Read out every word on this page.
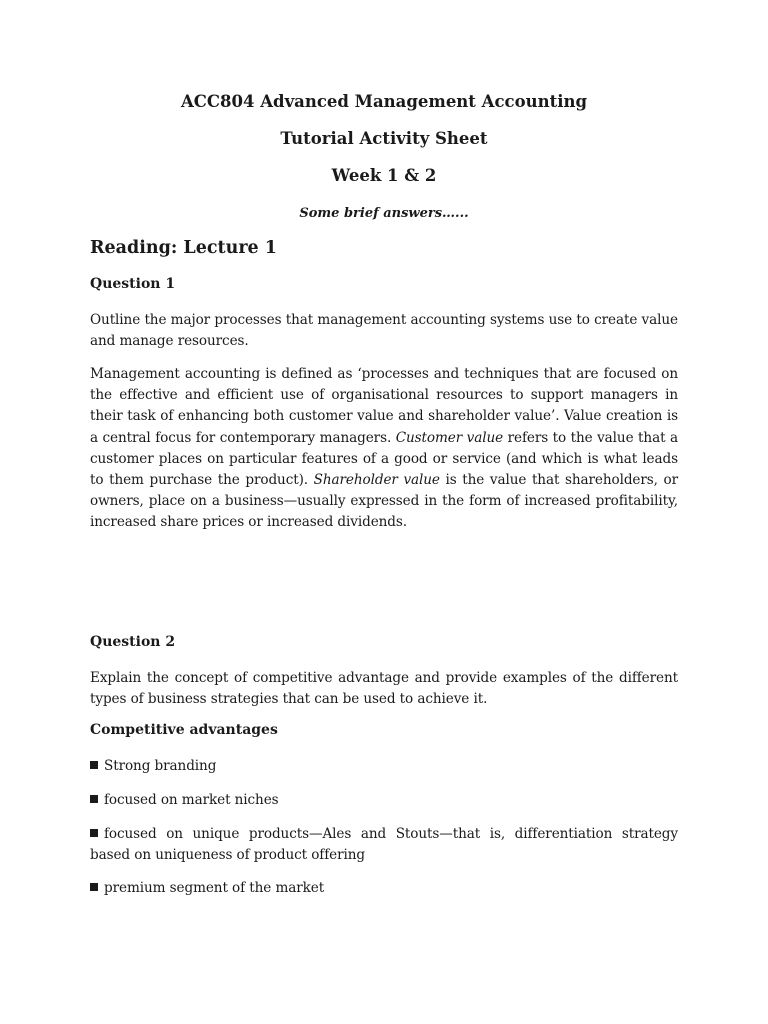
ACC804 Advanced Management Accounting

Tutorial Activity Sheet

Week 1 & 2

Some brief answers…...

Reading: Lecture 1

Question 1

Outline the major processes that management accounting systems use to create value and manage resources.

Management accounting is defined as ‘processes and techniques that are focused on the effective and efficient use of organisational resources to support managers in their task of enhancing both customer value and shareholder value’. Value creation is a central focus for contemporary managers. Customer value refers to the value that a customer places on particular features of a good or service (and which is what leads to them purchase the product). Shareholder value is the value that shareholders, or owners, place on a business—usually expressed in the form of increased profitability, increased share prices or increased dividends.

Question 2

Explain the concept of competitive advantage and provide examples of the different types of business strategies that can be used to achieve it.

Competitive advantages

Strong branding

focused on market niches

focused on unique products—Ales and Stouts—that is, differentiation strategy based on uniqueness of product offering

premium segment of the market
